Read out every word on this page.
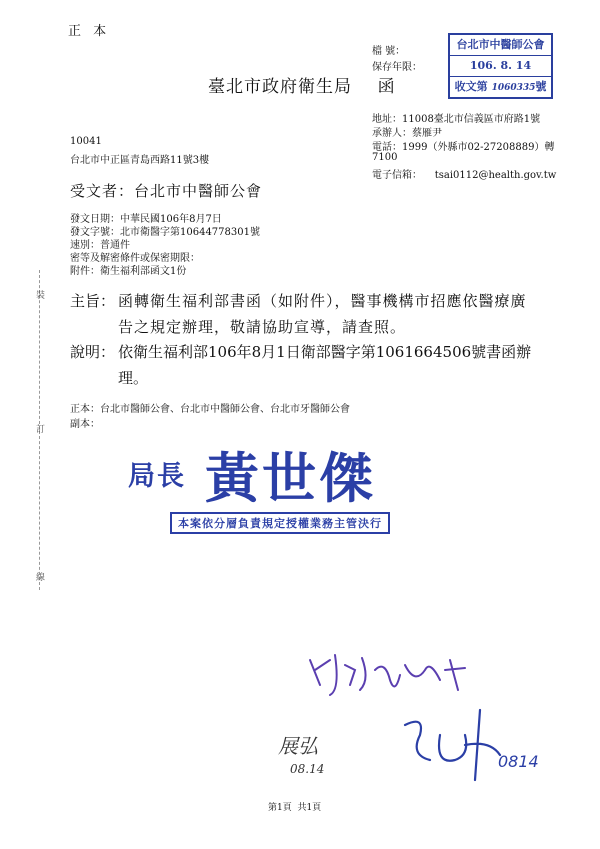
正 本
檔 號：
保存年限：
台北市中醫師公會
106. 8. 14
收文第 1060335號
臺北市政府衛生局    函
地址：11008臺北市信義區市府路1號
承辦人：蔡雁尹
電話：1999（外縣市02-27208889）轉
7100
電子信箱：    tsai0112@health.gov.tw
10041
台北市中正區青島西路11號3樓
受文者：台北市中醫師公會
發文日期：中華民國106年8月7日
發文字號：北市衛醫字第10644778301號
速別：普通件
密等及解密條件或保密期限：
附件：衛生福利部函文1份
主旨： 函轉衛生福利部書函（如附件），醫事機構市招應依醫療廣
告之規定辦理，敬請協助宣導，請查照。
說明： 依衛生福利部106年8月1日衛部醫字第1061664506號書函辦
理。
正本：台北市醫師公會、台北市中醫師公會、台北市牙醫師公會
副本：
裝
訂
線
局長 黃世傑
本案依分層負責規定授權業務主管決行
0814
展弘
08.14
第1頁  共1頁
